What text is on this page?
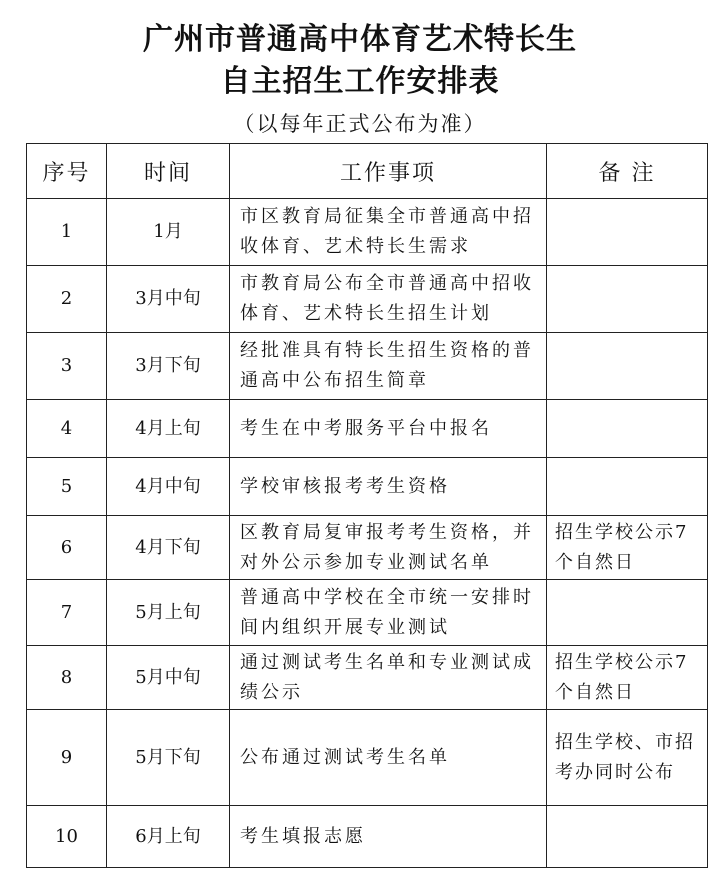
广州市普通高中体育艺术特长生
自主招生工作安排表
（以每年正式公布为准）
序号	时间	工作事项	备 注
1	1月	市区教育局征集全市普通高中招收体育、艺术特长生需求	
2	3月中旬	市教育局公布全市普通高中招收体育、艺术特长生招生计划	
3	3月下旬	经批准具有特长生招生资格的普通高中公布招生简章	
4	4月上旬	考生在中考服务平台中报名	
5	4月中旬	学校审核报考考生资格	
6	4月下旬	区教育局复审报考考生资格，并对外公示参加专业测试名单	招生学校公示7个自然日
7	5月上旬	普通高中学校在全市统一安排时间内组织开展专业测试	
8	5月中旬	通过测试考生名单和专业测试成绩公示	招生学校公示7个自然日
9	5月下旬	公布通过测试考生名单	招生学校、市招考办同时公布
10	6月上旬	考生填报志愿	
